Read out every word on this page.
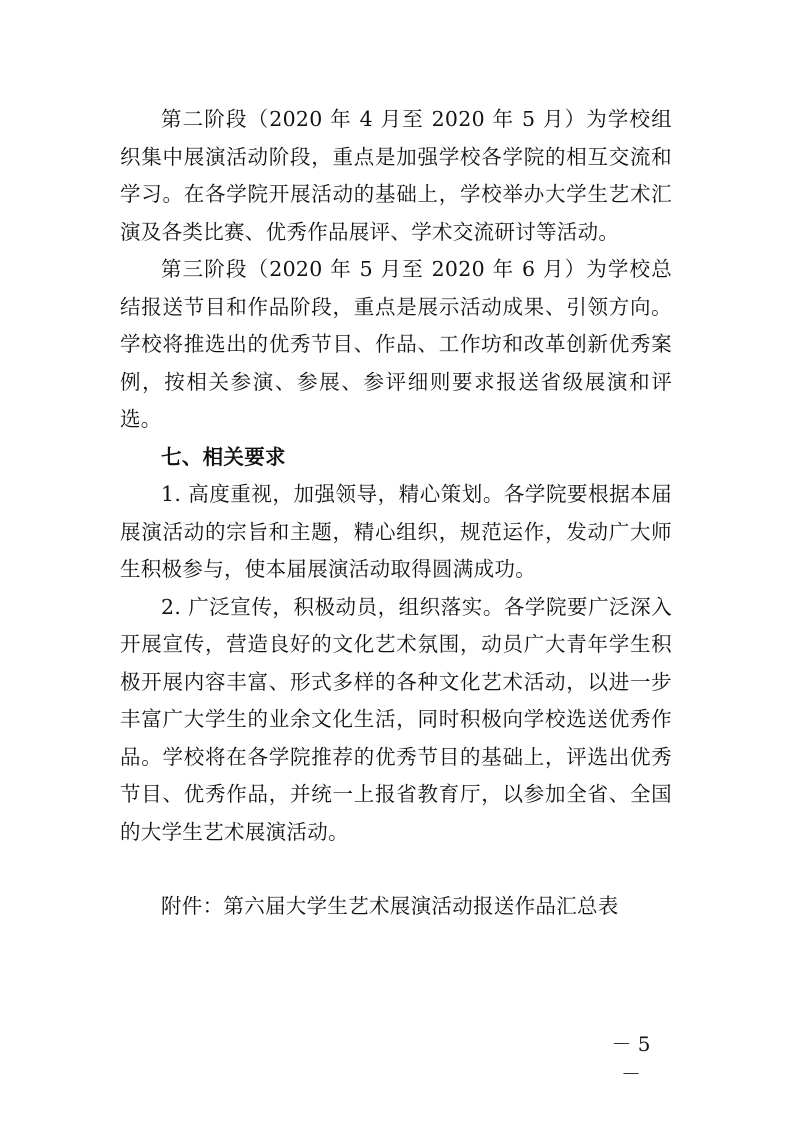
第二阶段（2020 年 4 月至 2020 年 5 月）为学校组织集中展演活动阶段，重点是加强学校各学院的相互交流和学习。在各学院开展活动的基础上，学校举办大学生艺术汇演及各类比赛、优秀作品展评、学术交流研讨等活动。

第三阶段（2020 年 5 月至 2020 年 6 月）为学校总结报送节目和作品阶段，重点是展示活动成果、引领方向。学校将推选出的优秀节目、作品、工作坊和改革创新优秀案例，按相关参演、参展、参评细则要求报送省级展演和评选。

七、相关要求

1. 高度重视，加强领导，精心策划。各学院要根据本届展演活动的宗旨和主题，精心组织，规范运作，发动广大师生积极参与，使本届展演活动取得圆满成功。

2. 广泛宣传，积极动员，组织落实。各学院要广泛深入开展宣传，营造良好的文化艺术氛围，动员广大青年学生积极开展内容丰富、形式多样的各种文化艺术活动，以进一步丰富广大学生的业余文化生活，同时积极向学校选送优秀作品。学校将在各学院推荐的优秀节目的基础上，评选出优秀节目、优秀作品，并统一上报省教育厅，以参加全省、全国的大学生艺术展演活动。

附件：第六届大学生艺术展演活动报送作品汇总表

－ 5 －
